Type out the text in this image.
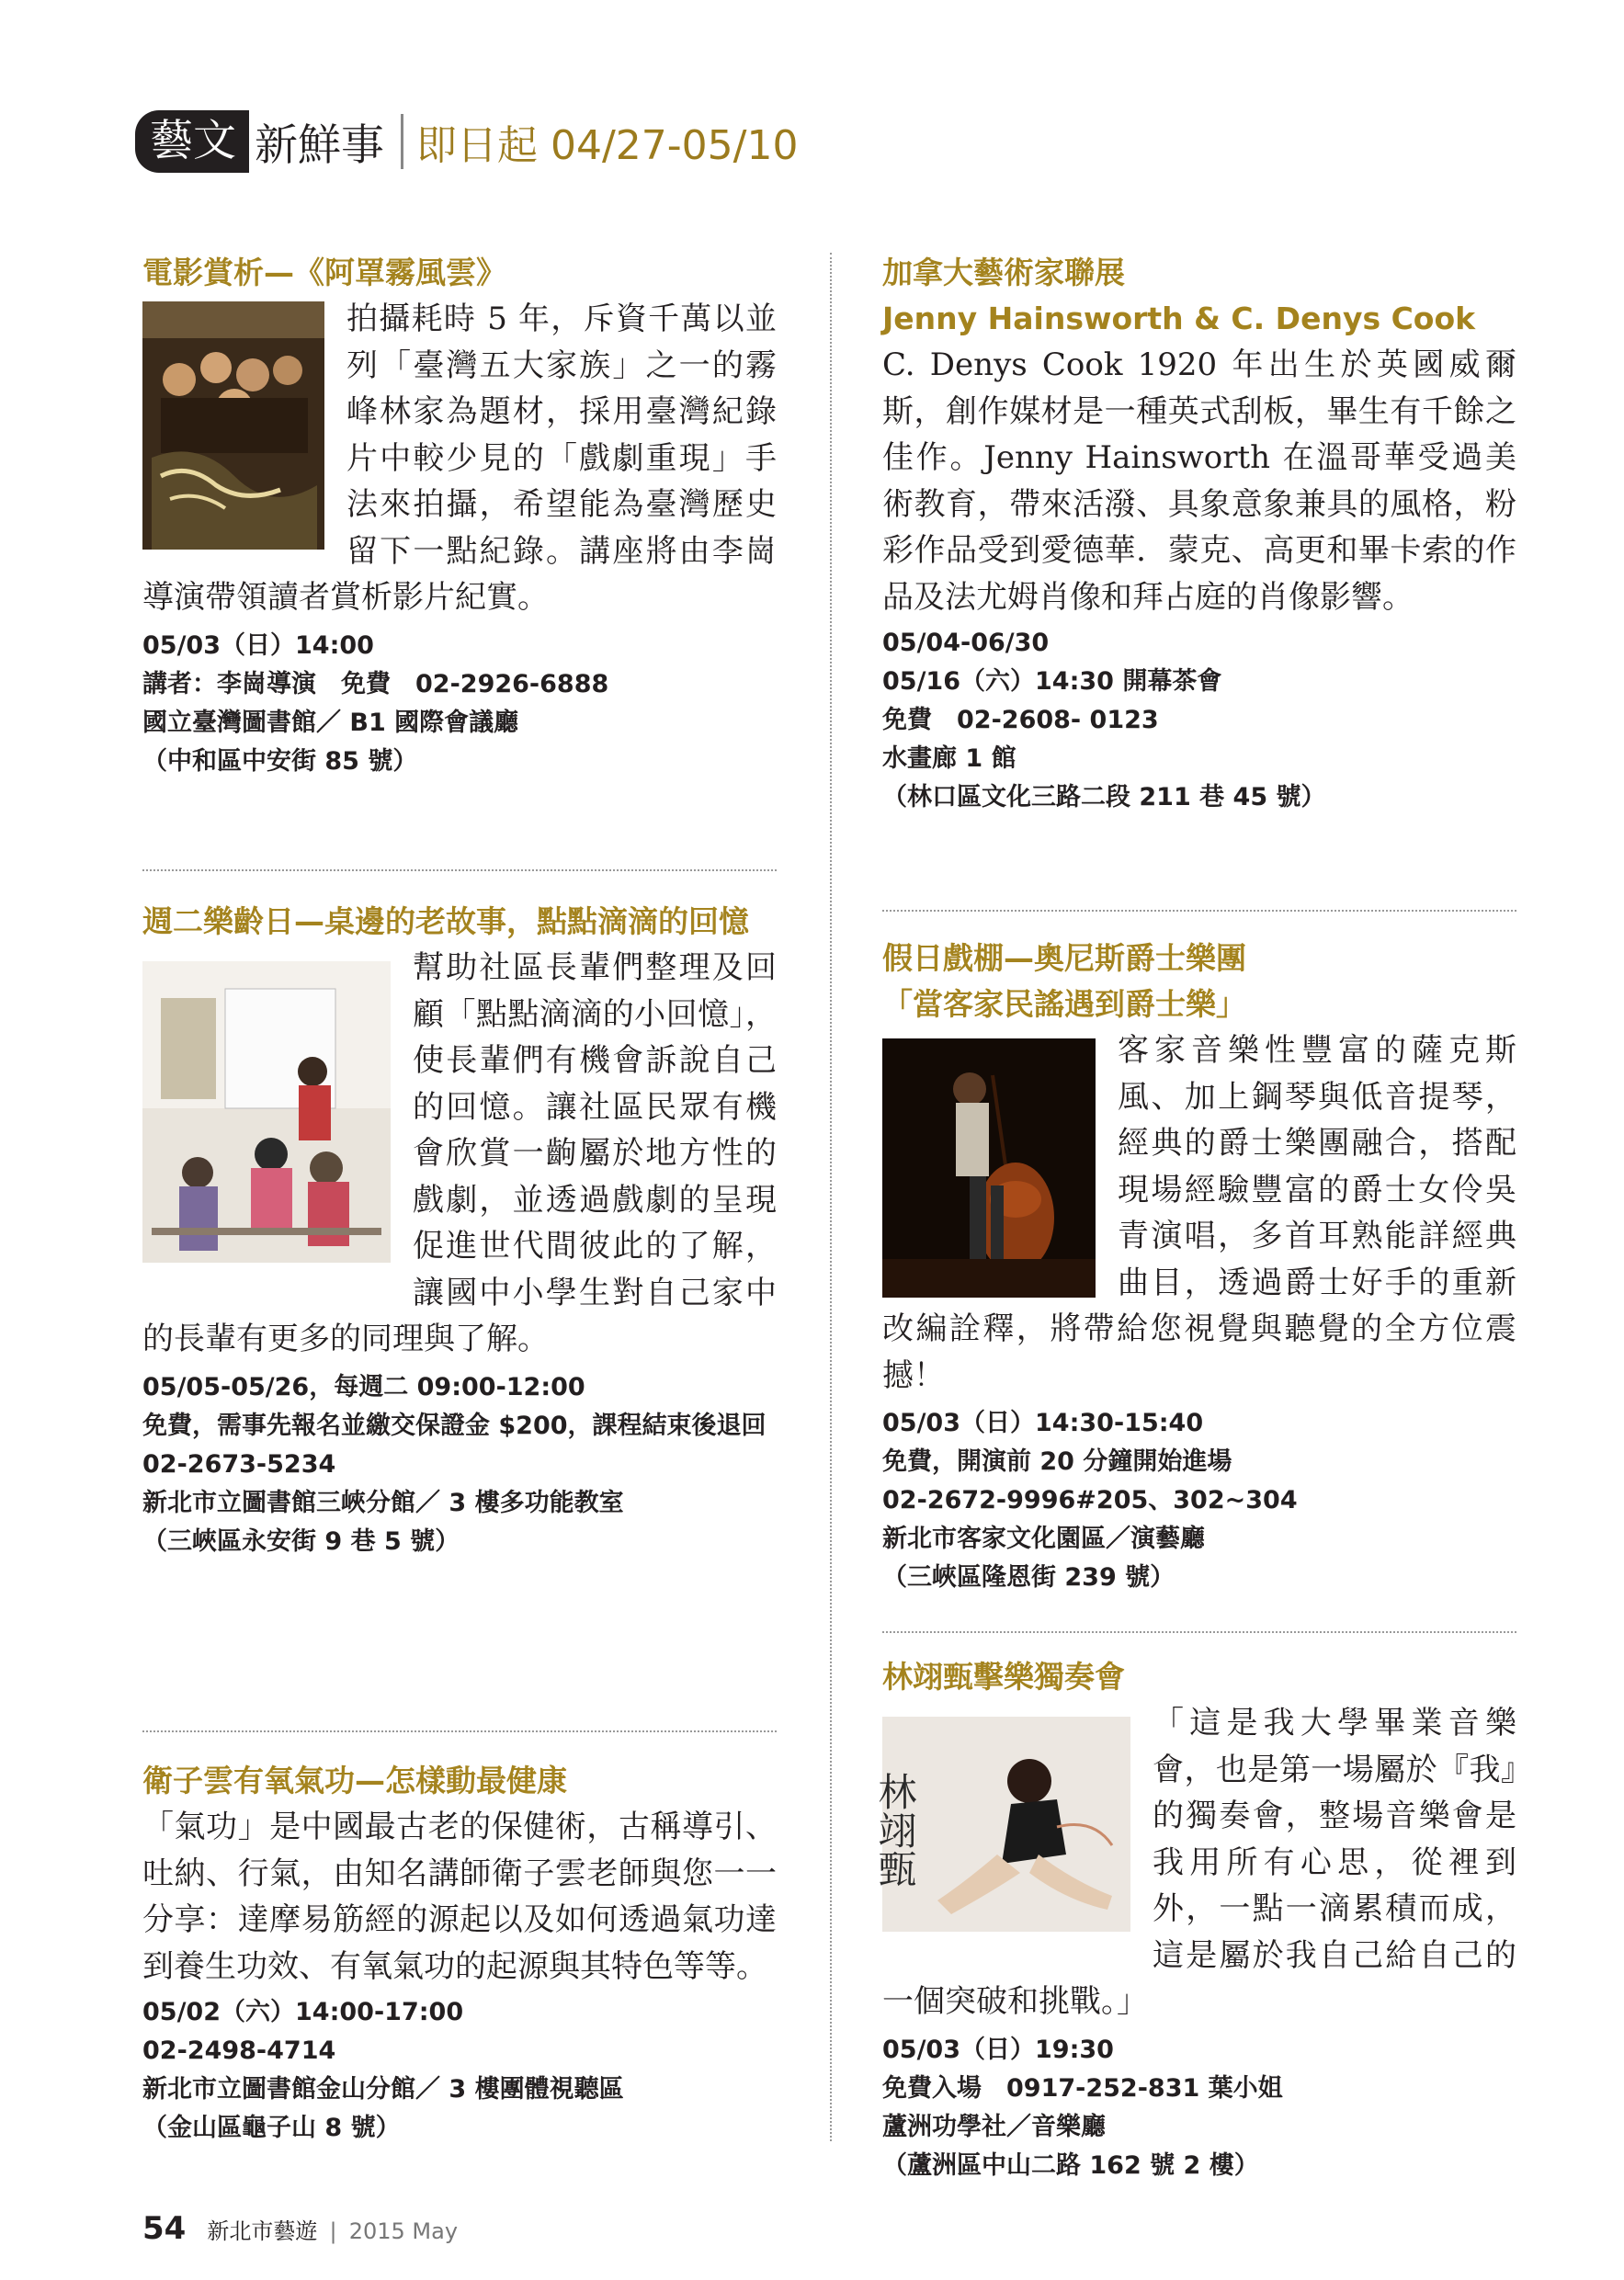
藝文 新鮮事 即日起 04/27-05/10

電影賞析—《阿罩霧風雲》

拍攝耗時 5 年，斥資千萬以並列「臺灣五大家族」之一的霧峰林家為題材，採用臺灣紀錄片中較少見的「戲劇重現」手法來拍攝，希望能為臺灣歷史留下一點紀錄。講座將由李崗導演帶領讀者賞析影片紀實。

05/03（日）14:00

講者：李崗導演　免費　02-2926-6888

國立臺灣圖書館／ B1 國際會議廳

（中和區中安街 85 號）

週二樂齡日—桌邊的老故事，點點滴滴的回憶

幫助社區長輩們整理及回顧「點點滴滴的小回憶」，使長輩們有機會訴說自己的回憶。讓社區民眾有機會欣賞一齣屬於地方性的戲劇，並透過戲劇的呈現促進世代間彼此的了解，讓國中小學生對自己家中的長輩有更多的同理與了解。

05/05-05/26，每週二 09:00-12:00

免費，需事先報名並繳交保證金 $200，課程結束後退回

02-2673-5234

新北市立圖書館三峽分館／ 3 樓多功能教室

（三峽區永安街 9 巷 5 號）

衛子雲有氧氣功—怎樣動最健康

「氣功」是中國最古老的保健術，古稱導引、吐納、行氣，由知名講師衛子雲老師與您一一分享：達摩易筋經的源起以及如何透過氣功達到養生功效、有氧氣功的起源與其特色等等。

05/02（六）14:00-17:00

02-2498-4714

新北市立圖書館金山分館／ 3 樓團體視聽區

（金山區龜子山 8 號）

加拿大藝術家聯展

Jenny Hainsworth & C. Denys Cook

C. Denys Cook 1920 年出生於英國威爾斯，創作媒材是一種英式刮板，畢生有千餘之佳作。Jenny Hainsworth 在溫哥華受過美術教育，帶來活潑、具象意象兼具的風格，粉彩作品受到愛德華．蒙克、高更和畢卡索的作品及法尤姆肖像和拜占庭的肖像影響。

05/04-06/30

05/16（六）14:30 開幕茶會

免費　02-2608- 0123

水畫廊 1 館

（林口區文化三路二段 211 巷 45 號）

假日戲棚—奧尼斯爵士樂團

「當客家民謠遇到爵士樂」

客家音樂性豐富的薩克斯風、加上鋼琴與低音提琴，經典的爵士樂團融合，搭配現場經驗豐富的爵士女伶吳青演唱，多首耳熟能詳經典曲目，透過爵士好手的重新改編詮釋，將帶給您視覺與聽覺的全方位震撼！

05/03（日）14:30-15:40

免費，開演前 20 分鐘開始進場

02-2672-9996#205、302~304

新北市客家文化園區／演藝廳

（三峽區隆恩街 239 號）

林翊甄擊樂獨奏會

林翊甄

「這是我大學畢業音樂會，也是第一場屬於『我』的獨奏會，整場音樂會是我用所有心思，從裡到外，一點一滴累積而成，這是屬於我自己給自己的一個突破和挑戰。」

05/03（日）19:30

免費入場　0917-252-831 葉小姐

蘆洲功學社／音樂廳

（蘆洲區中山二路 162 號 2 樓）

54 新北市藝遊 | 2015 May
